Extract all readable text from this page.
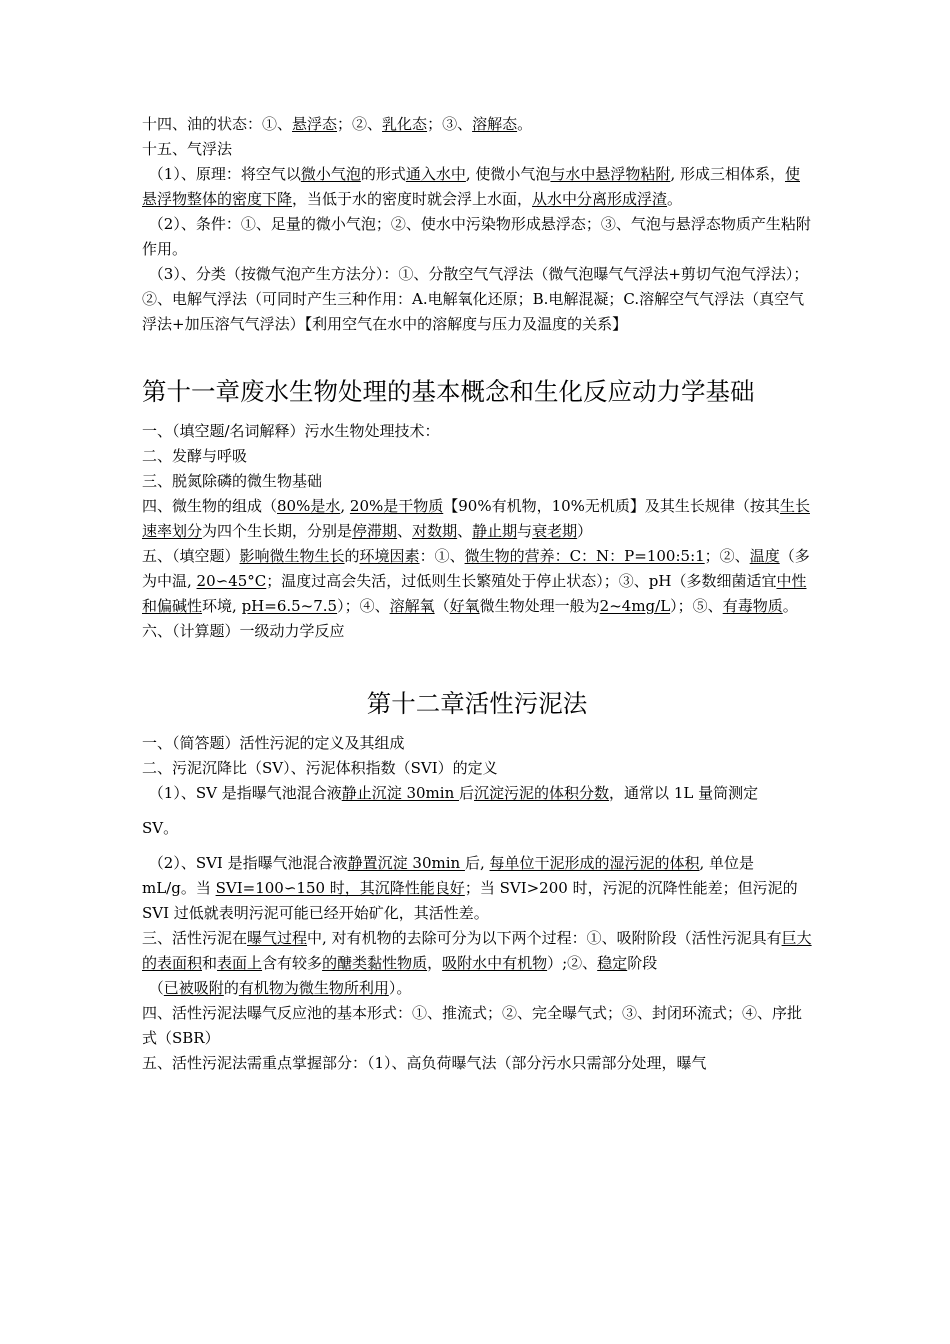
十四、油的状态：①、悬浮态；②、乳化态；③、溶解态。

十五、气浮法

（1）、原理：将空气以微小气泡的形式通入水中, 使微小气泡与水中悬浮物粘附, 形成三相体系，使悬浮物整体的密度下降，当低于水的密度时就会浮上水面，从水中分离形成浮渣。

（2）、条件：①、足量的微小气泡；②、使水中污染物形成悬浮态；③、气泡与悬浮态物质产生粘附作用。

（3）、分类（按微气泡产生方法分）：①、分散空气气浮法（微气泡曝气气浮法+剪切气泡气浮法）；②、电解气浮法（可同时产生三种作用：A.电解氧化还原；B.电解混凝；C.溶解空气气浮法（真空气浮法+加压溶气气浮法）【利用空气在水中的溶解度与压力及温度的关系】

第十一章废水生物处理的基本概念和生化反应动力学基础

一、（填空题/名词解释）污水生物处理技术：

二、发酵与呼吸

三、脱氮除磷的微生物基础

四、微生物的组成（80%是水, 20%是干物质【90%有机物，10%无机质】及其生长规律（按其生长速率划分为四个生长期，分别是停滞期、对数期、静止期与衰老期）

五、（填空题）影响微生物生长的环境因素：①、微生物的营养：C：N：P=100:5:1；②、温度（多为中温, 20∽45°C；温度过高会失活，过低则生长繁殖处于停止状态）；③、pH（多数细菌适宜中性和偏碱性环境, pH=6.5~7.5）；④、溶解氧（好氧微生物处理一般为2~4mg/L）；⑤、有毒物质。

六、（计算题）一级动力学反应

第十二章活性污泥法

一、（简答题）活性污泥的定义及其组成

二、污泥沉降比（SV）、污泥体积指数（SVI）的定义

（1）、SV 是指曝气池混合液静止沉淀 30min 后沉淀污泥的体积分数，通常以 1L 量筒测定

SV。

（2）、SVI 是指曝气池混合液静置沉淀 30min 后, 每单位干泥形成的湿污泥的体积, 单位是 mL/g。当 SVI=100∽150 时，其沉降性能良好；当 SVI>200 时，污泥的沉降性能差；但污泥的 SVI 过低就表明污泥可能已经开始矿化，其活性差。

三、活性污泥在曝气过程中, 对有机物的去除可分为以下两个过程：①、吸附阶段（活性污泥具有巨大的表面积和表面上含有较多的醣类黏性物质，吸附水中有机物）;②、稳定阶段

（已被吸附的有机物为微生物所利用）。

四、活性污泥法曝气反应池的基本形式：①、推流式；②、完全曝气式；③、封闭环流式；④、序批式（SBR）

五、活性污泥法需重点掌握部分：（1）、高负荷曝气法（部分污水只需部分处理，曝气
